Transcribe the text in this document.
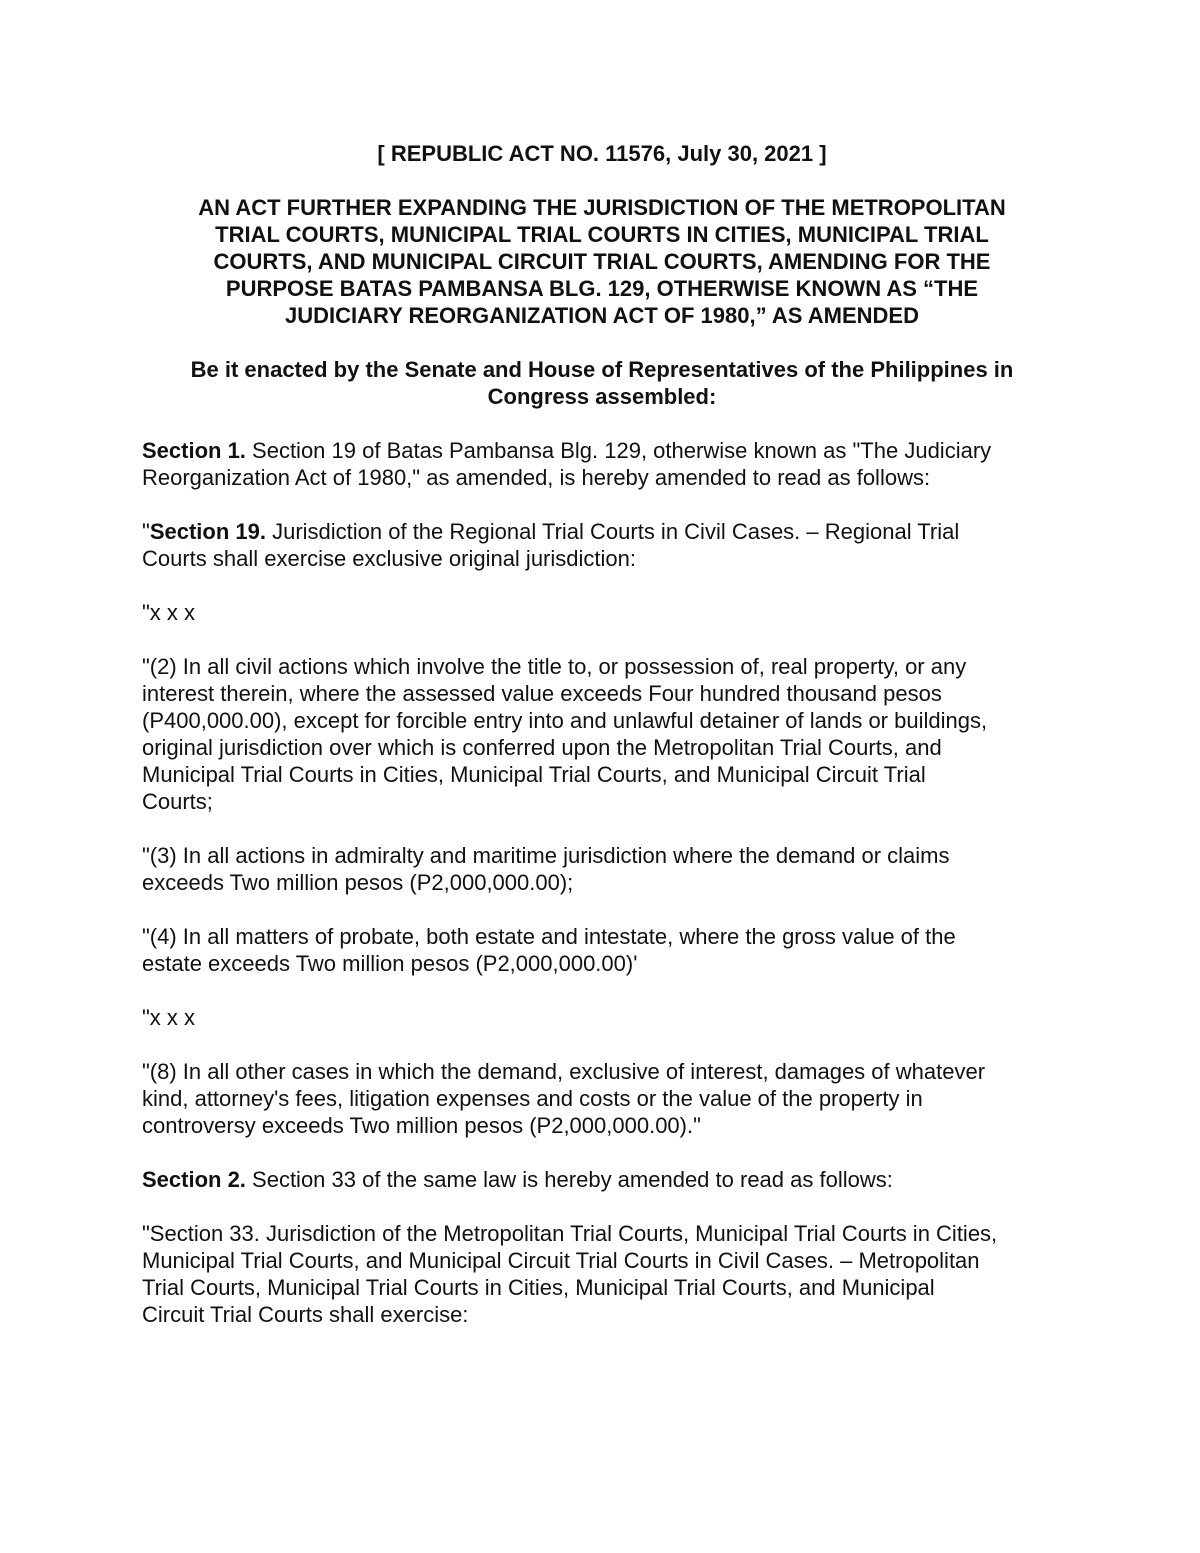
[ REPUBLIC ACT NO. 11576, July 30, 2021 ]

AN ACT FURTHER EXPANDING THE JURISDICTION OF THE METROPOLITAN
TRIAL COURTS, MUNICIPAL TRIAL COURTS IN CITIES, MUNICIPAL TRIAL
COURTS, AND MUNICIPAL CIRCUIT TRIAL COURTS, AMENDING FOR THE
PURPOSE BATAS PAMBANSA BLG. 129, OTHERWISE KNOWN AS “THE
JUDICIARY REORGANIZATION ACT OF 1980,” AS AMENDED

Be it enacted by the Senate and House of Representatives of the Philippines in
Congress assembled:

Section 1. Section 19 of Batas Pambansa Blg. 129, otherwise known as "The Judiciary
Reorganization Act of 1980," as amended, is hereby amended to read as follows:

"Section 19. Jurisdiction of the Regional Trial Courts in Civil Cases. – Regional Trial
Courts shall exercise exclusive original jurisdiction:

"x x x

"(2) In all civil actions which involve the title to, or possession of, real property, or any
interest therein, where the assessed value exceeds Four hundred thousand pesos
(P400,000.00), except for forcible entry into and unlawful detainer of lands or buildings,
original jurisdiction over which is conferred upon the Metropolitan Trial Courts, and
Municipal Trial Courts in Cities, Municipal Trial Courts, and Municipal Circuit Trial
Courts;

"(3) In all actions in admiralty and maritime jurisdiction where the demand or claims
exceeds Two million pesos (P2,000,000.00);

"(4) In all matters of probate, both estate and intestate, where the gross value of the
estate exceeds Two million pesos (P2,000,000.00)'

"x x x

"(8) In all other cases in which the demand, exclusive of interest, damages of whatever
kind, attorney's fees, litigation expenses and costs or the value of the property in
controversy exceeds Two million pesos (P2,000,000.00)."

Section 2. Section 33 of the same law is hereby amended to read as follows:

"Section 33. Jurisdiction of the Metropolitan Trial Courts, Municipal Trial Courts in Cities,
Municipal Trial Courts, and Municipal Circuit Trial Courts in Civil Cases. – Metropolitan
Trial Courts, Municipal Trial Courts in Cities, Municipal Trial Courts, and Municipal
Circuit Trial Courts shall exercise:
